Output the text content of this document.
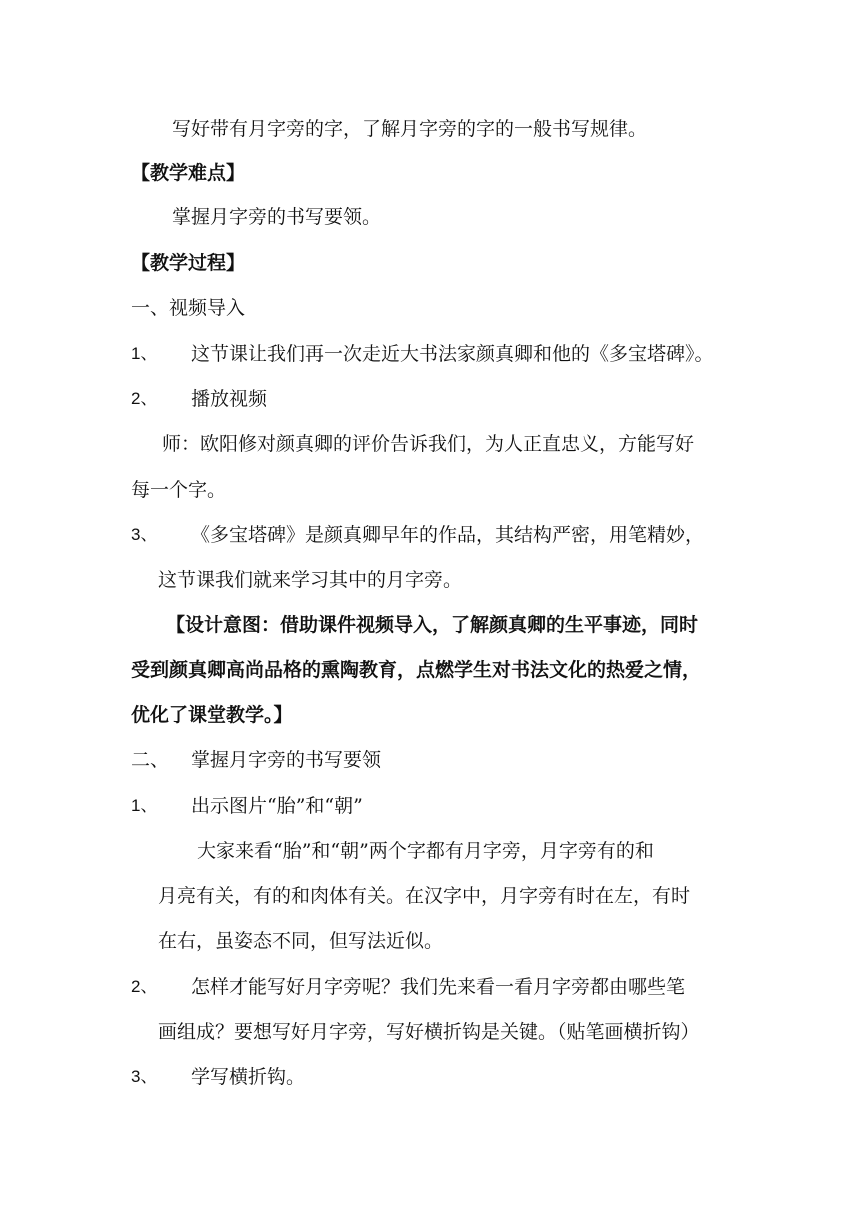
写好带有月字旁的字，了解月字旁的字的一般书写规律。
【教学难点】
掌握月字旁的书写要领。
【教学过程】
一、视频导入
1、 这节课让我们再一次走近大书法家颜真卿和他的《多宝塔碑》。
2、 播放视频
师：欧阳修对颜真卿的评价告诉我们，为人正直忠义，方能写好
每一个字。
3、 《多宝塔碑》是颜真卿早年的作品，其结构严密，用笔精妙，
这节课我们就来学习其中的月字旁。
【设计意图：借助课件视频导入，了解颜真卿的生平事迹，同时
受到颜真卿高尚品格的熏陶教育，点燃学生对书法文化的热爱之情，
优化了课堂教学。】
二、 掌握月字旁的书写要领
1、 出示图片“胎”和“朝”
大家来看“胎”和“朝”两个字都有月字旁，月字旁有的和
月亮有关，有的和肉体有关。在汉字中，月字旁有时在左，有时
在右，虽姿态不同，但写法近似。
2、 怎样才能写好月字旁呢？我们先来看一看月字旁都由哪些笔
画组成？要想写好月字旁，写好横折钩是关键。（贴笔画横折钩）
3、 学写横折钩。
